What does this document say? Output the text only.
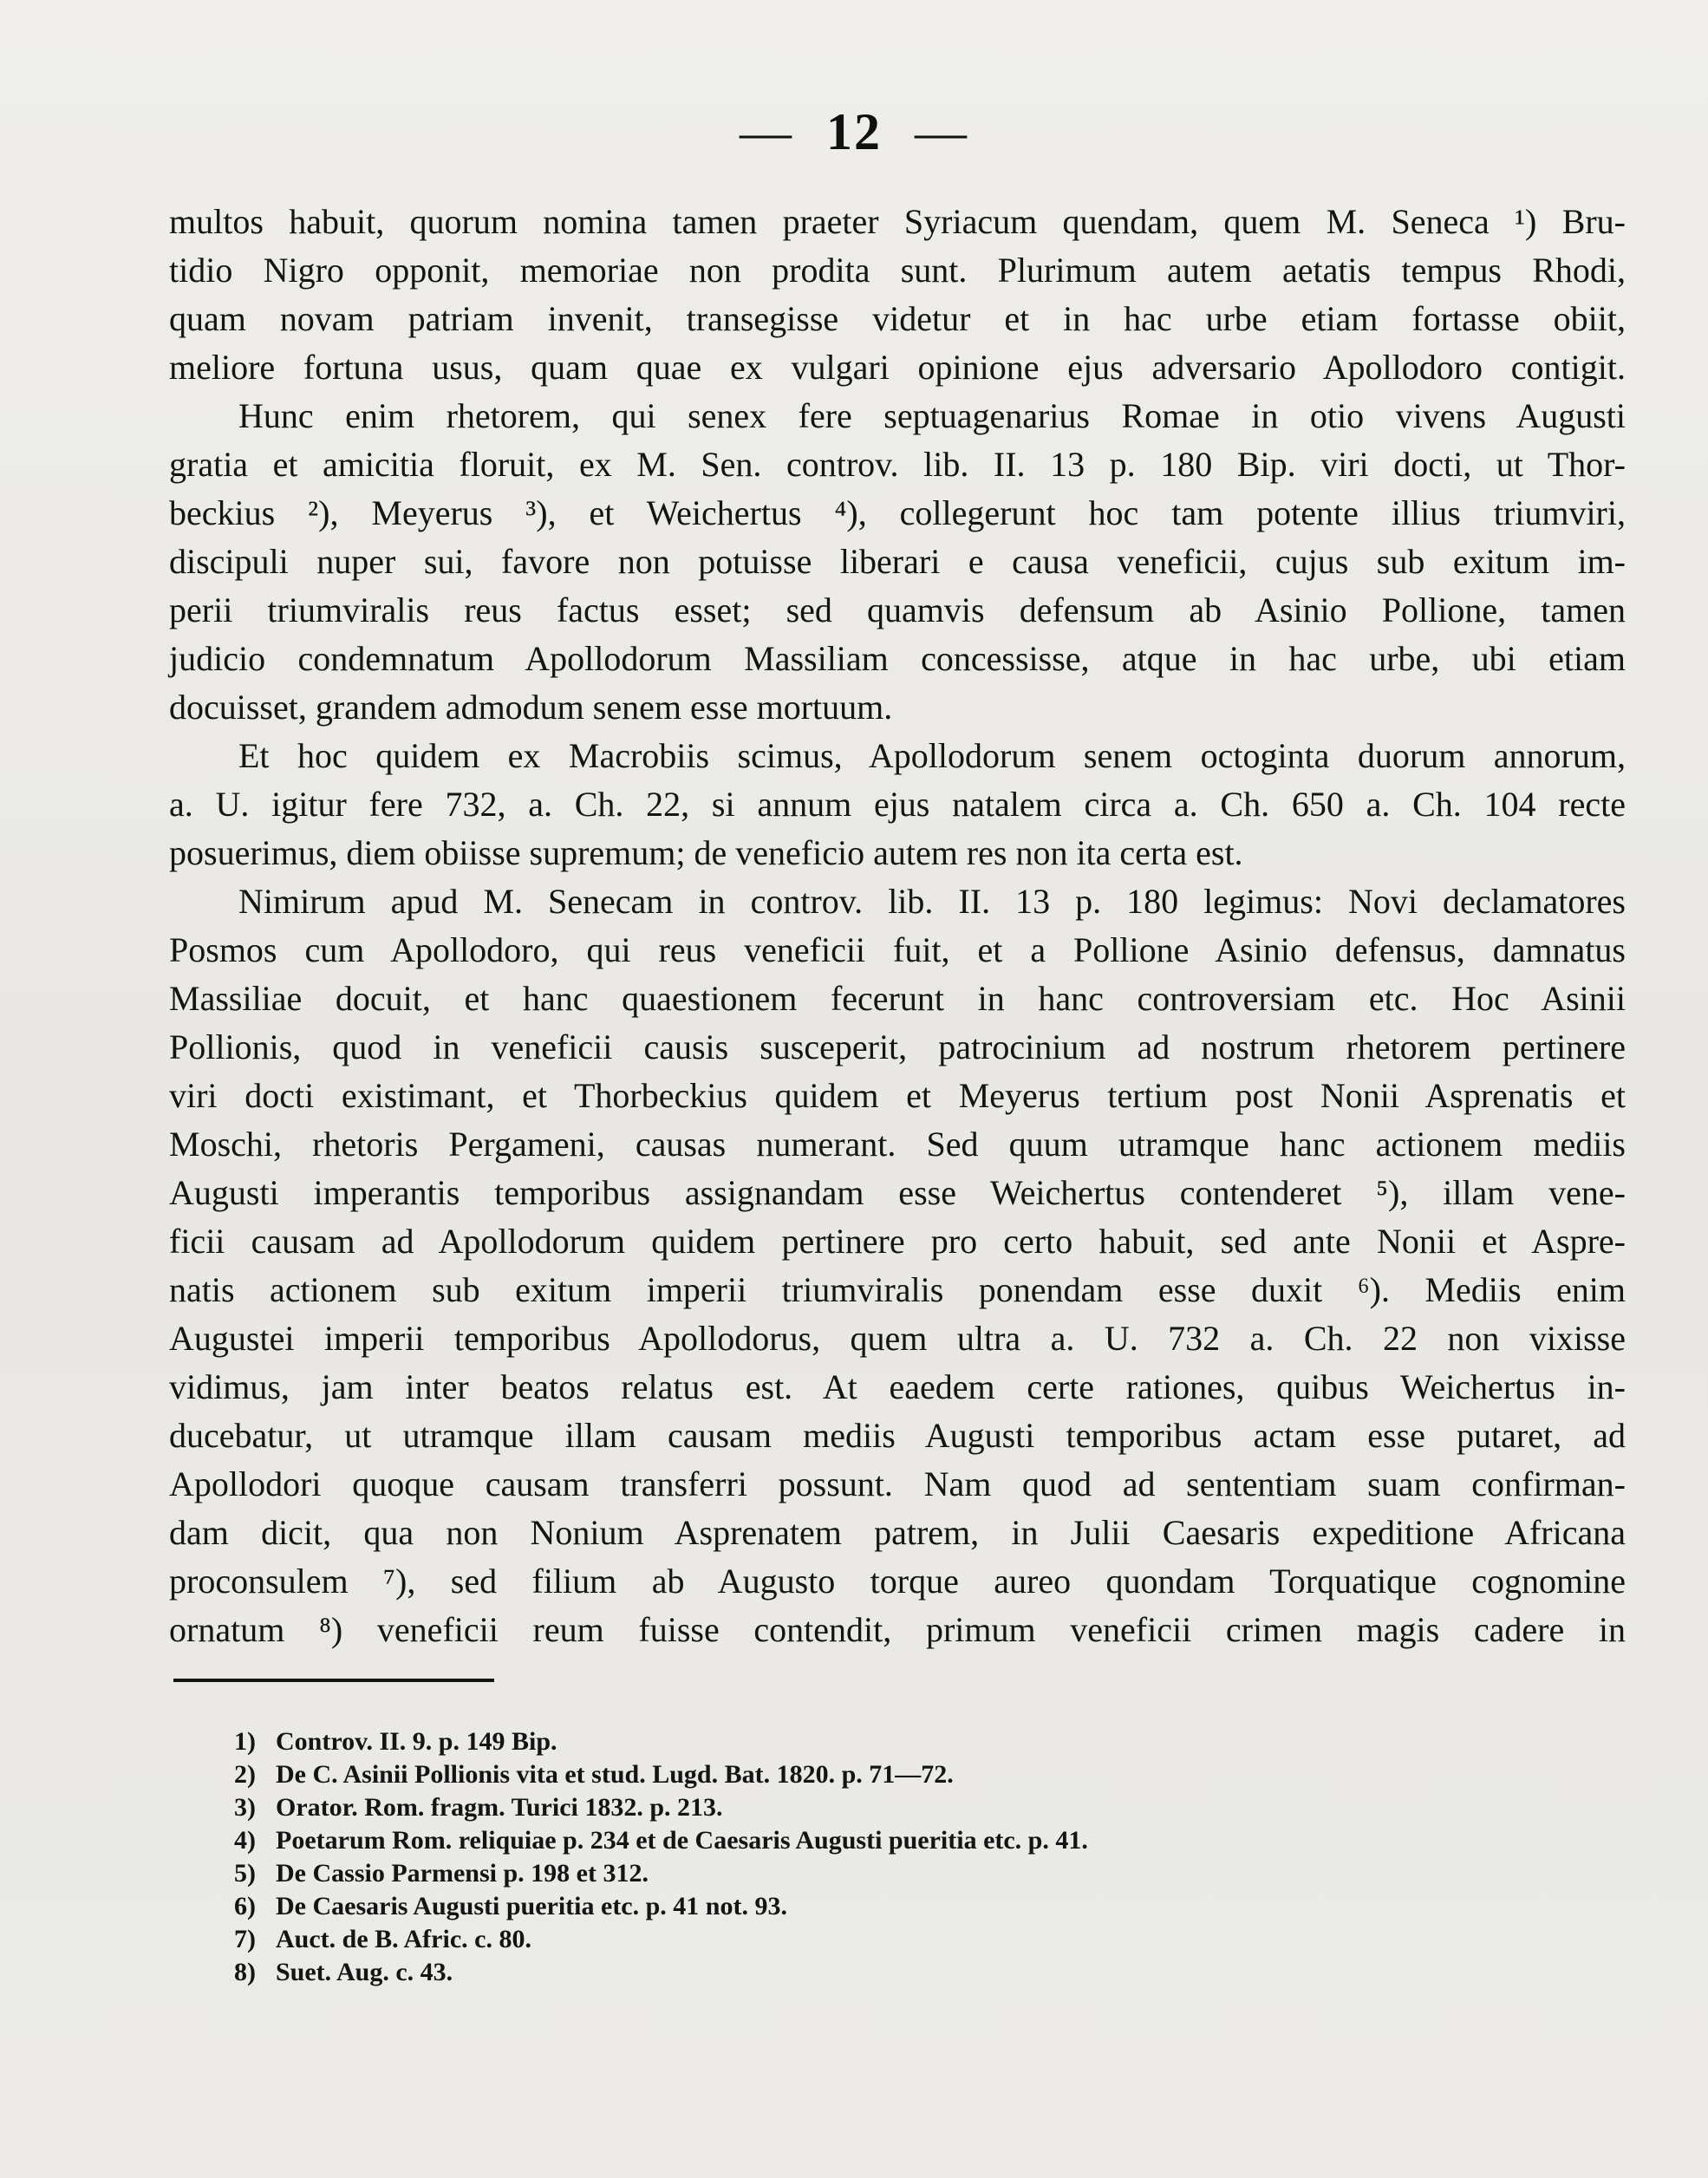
— 12 —
multos habuit, quorum nomina tamen praeter Syriacum quendam, quem M. Seneca ¹) Bru-
tidio Nigro opponit, memoriae non prodita sunt. Plurimum autem aetatis tempus Rhodi,
quam novam patriam invenit, transegisse videtur et in hac urbe etiam fortasse obiit,
meliore fortuna usus, quam quae ex vulgari opinione ejus adversario Apollodoro contigit.
Hunc enim rhetorem, qui senex fere septuagenarius Romae in otio vivens Augusti
gratia et amicitia floruit, ex M. Sen. controv. lib. II. 13 p. 180 Bip. viri docti, ut Thor-
beckius ²), Meyerus ³), et Weichertus ⁴), collegerunt hoc tam potente illius triumviri,
discipuli nuper sui, favore non potuisse liberari e causa veneficii, cujus sub exitum im-
perii triumviralis reus factus esset; sed quamvis defensum ab Asinio Pollione, tamen
judicio condemnatum Apollodorum Massiliam concessisse, atque in hac urbe, ubi etiam
docuisset, grandem admodum senem esse mortuum.
Et hoc quidem ex Macrobiis scimus, Apollodorum senem octoginta duorum annorum,
a. U. igitur fere 732, a. Ch. 22, si annum ejus natalem circa a. Ch. 650 a. Ch. 104 recte
posuerimus, diem obiisse supremum; de veneficio autem res non ita certa est.
Nimirum apud M. Senecam in controv. lib. II. 13 p. 180 legimus: Novi declamatores
Posmos cum Apollodoro, qui reus veneficii fuit, et a Pollione Asinio defensus, damnatus
Massiliae docuit, et hanc quaestionem fecerunt in hanc controversiam etc. Hoc Asinii
Pollionis, quod in veneficii causis susceperit, patrocinium ad nostrum rhetorem pertinere
viri docti existimant, et Thorbeckius quidem et Meyerus tertium post Nonii Asprenatis et
Moschi, rhetoris Pergameni, causas numerant. Sed quum utramque hanc actionem mediis
Augusti imperantis temporibus assignandam esse Weichertus contenderet ⁵), illam vene-
ficii causam ad Apollodorum quidem pertinere pro certo habuit, sed ante Nonii et Aspre-
natis actionem sub exitum imperii triumviralis ponendam esse duxit ⁶). Mediis enim
Augustei imperii temporibus Apollodorus, quem ultra a. U. 732 a. Ch. 22 non vixisse
vidimus, jam inter beatos relatus est. At eaedem certe rationes, quibus Weichertus in-
ducebatur, ut utramque illam causam mediis Augusti temporibus actam esse putaret, ad
Apollodori quoque causam transferri possunt. Nam quod ad sententiam suam confirman-
dam dicit, qua non Nonium Asprenatem patrem, in Julii Caesaris expeditione Africana
proconsulem ⁷), sed filium ab Augusto torque aureo quondam Torquatique cognomine
ornatum ⁸) veneficii reum fuisse contendit, primum veneficii crimen magis cadere in
1) Controv. II. 9. p. 149 Bip.
2) De C. Asinii Pollionis vita et stud. Lugd. Bat. 1820. p. 71—72.
3) Orator. Rom. fragm. Turici 1832. p. 213.
4) Poetarum Rom. reliquiae p. 234 et de Caesaris Augusti pueritia etc. p. 41.
5) De Cassio Parmensi p. 198 et 312.
6) De Caesaris Augusti pueritia etc. p. 41 not. 93.
7) Auct. de B. Afric. c. 80.
8) Suet. Aug. c. 43.
